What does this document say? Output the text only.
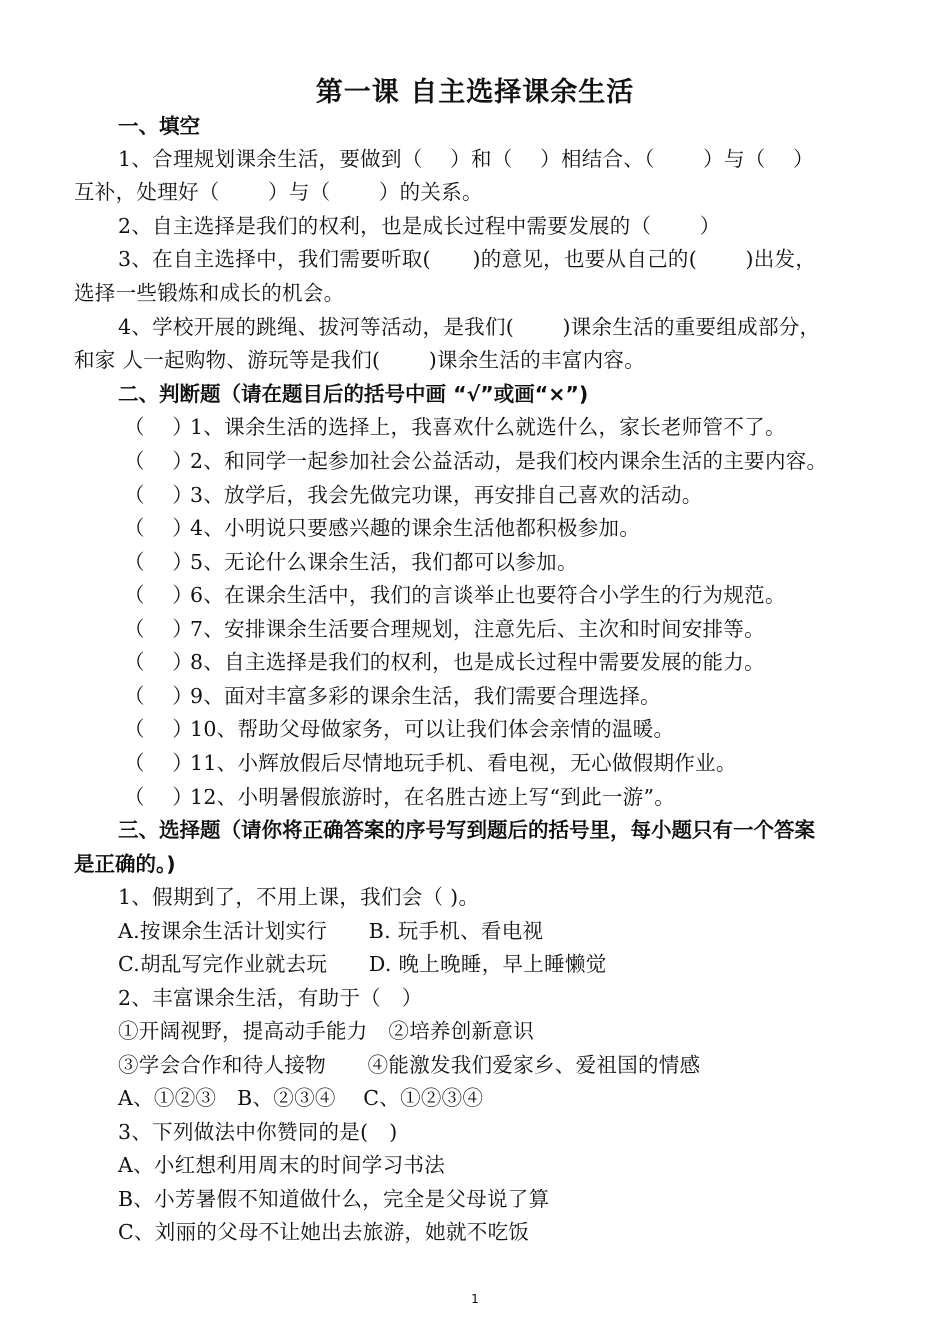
第一课 自主选择课余生活
一、填空
1、合理规划课余生活，要做到（　 ）和（　 ）相结合、（　　 ）与（　 ）
互补，处理好（　　 ）与（　　 ）的关系。
2、自主选择是我们的权利，也是成长过程中需要发展的（　　 ）
3、在自主选择中，我们需要听取(　　)的意见，也要从自己的(　　 )出发，
选择一些锻炼和成长的机会。
4、学校开展的跳绳、拔河等活动，是我们(　　 )课余生活的重要组成部分，
和家 人一起购物、游玩等是我们(　　 )课余生活的丰富内容。
二、判断题（请在题目后的括号中画 “√”或画“×”)
（　 ）1、课余生活的选择上，我喜欢什么就选什么，家长老师管不了。
（　 ）2、和同学一起参加社会公益活动，是我们校内课余生活的主要内容。
（　 ）3、放学后，我会先做完功课，再安排自己喜欢的活动。
（　 ）4、小明说只要感兴趣的课余生活他都积极参加。
（　 ）5、无论什么课余生活，我们都可以参加。
（　 ）6、在课余生活中，我们的言谈举止也要符合小学生的行为规范。
（　 ）7、安排课余生活要合理规划，注意先后、主次和时间安排等。
（　 ）8、自主选择是我们的权利，也是成长过程中需要发展的能力。
（　 ）9、面对丰富多彩的课余生活，我们需要合理选择。
（　 ）10、帮助父母做家务，可以让我们体会亲情的温暖。
（　 ）11、小辉放假后尽情地玩手机、看电视，无心做假期作业。
（　 ）12、小明暑假旅游时，在名胜古迹上写“到此一游”。
三、选择题（请你将正确答案的序号写到题后的括号里，每小题只有一个答案
是正确的。)
1、假期到了，不用上课，我们会（ )。
A.按课余生活计划实行　　B. 玩手机、看电视
C.胡乱写完作业就去玩　　D. 晚上晚睡，早上睡懒觉
2、丰富课余生活，有助于（　）
①开阔视野，提高动手能力　②培养创新意识
③学会合作和待人接物　　④能激发我们爱家乡、爱祖国的情感
A、①②③　B、②③④　 C、①②③④
3、下列做法中你赞同的是(　)
A、小红想利用周末的时间学习书法
B、小芳暑假不知道做什么，完全是父母说了算
C、刘丽的父母不让她出去旅游，她就不吃饭
1
